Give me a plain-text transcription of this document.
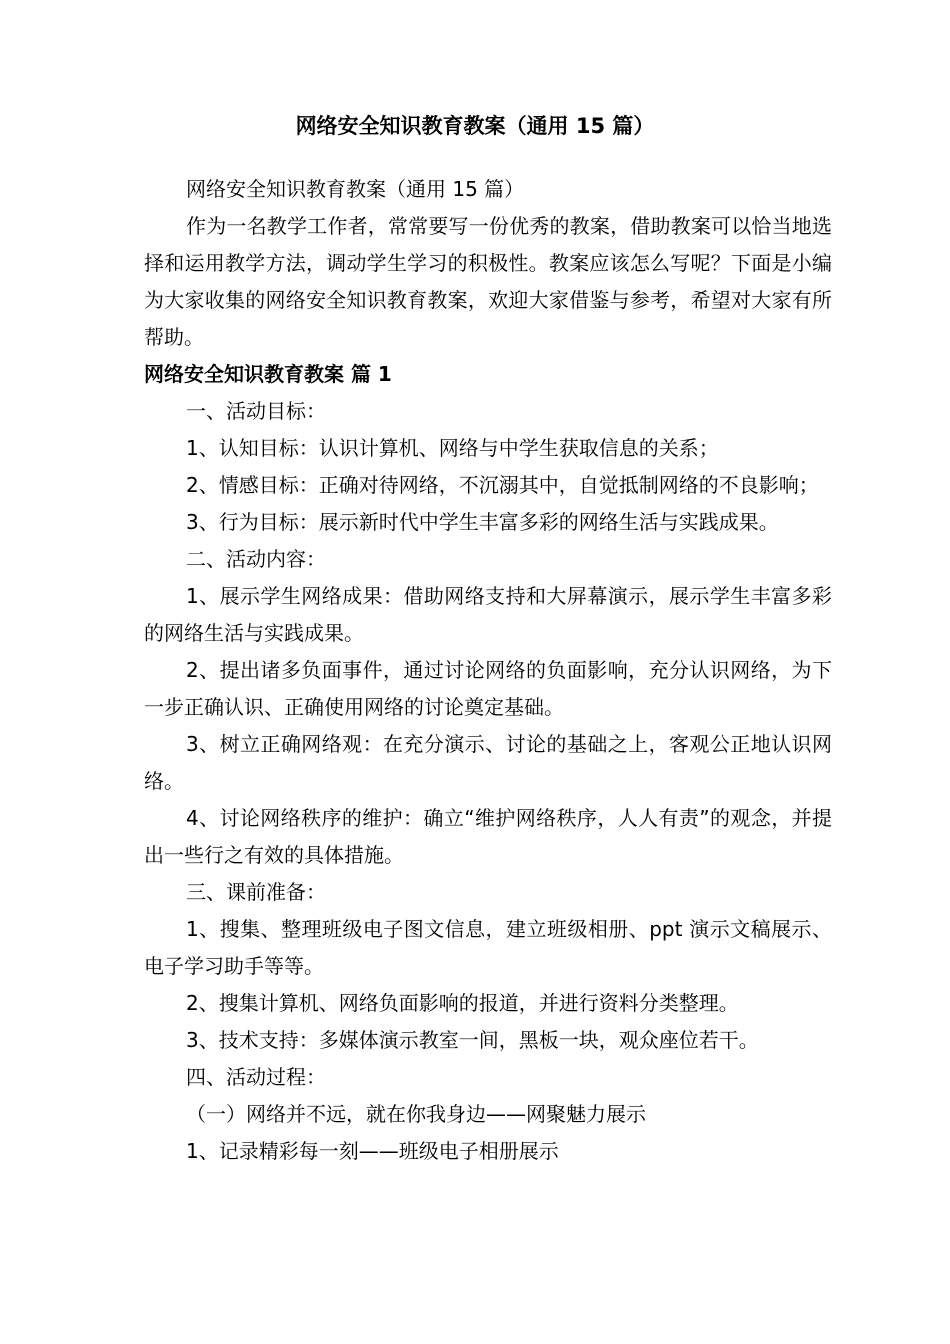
网络安全知识教育教案（通用 15 篇）

网络安全知识教育教案（通用 15 篇）

作为一名教学工作者，常常要写一份优秀的教案，借助教案可以恰当地选择和运用教学方法，调动学生学习的积极性。教案应该怎么写呢？下面是小编为大家收集的网络安全知识教育教案，欢迎大家借鉴与参考，希望对大家有所帮助。

网络安全知识教育教案 篇 1

一、活动目标：

1、认知目标：认识计算机、网络与中学生获取信息的关系；

2、情感目标：正确对待网络，不沉溺其中，自觉抵制网络的不良影响；

3、行为目标：展示新时代中学生丰富多彩的网络生活与实践成果。

二、活动内容：

1、展示学生网络成果：借助网络支持和大屏幕演示，展示学生丰富多彩的网络生活与实践成果。

2、提出诸多负面事件，通过讨论网络的负面影响，充分认识网络，为下一步正确认识、正确使用网络的讨论奠定基础。

3、树立正确网络观：在充分演示、讨论的基础之上，客观公正地认识网络。

4、讨论网络秩序的维护：确立“维护网络秩序，人人有责”的观念，并提出一些行之有效的具体措施。

三、课前准备：

1、搜集、整理班级电子图文信息，建立班级相册、ppt 演示文稿展示、电子学习助手等等。

2、搜集计算机、网络负面影响的报道，并进行资料分类整理。

3、技术支持：多媒体演示教室一间，黑板一块，观众座位若干。

四、活动过程：

（一）网络并不远，就在你我身边——网聚魅力展示

1、记录精彩每一刻——班级电子相册展示
